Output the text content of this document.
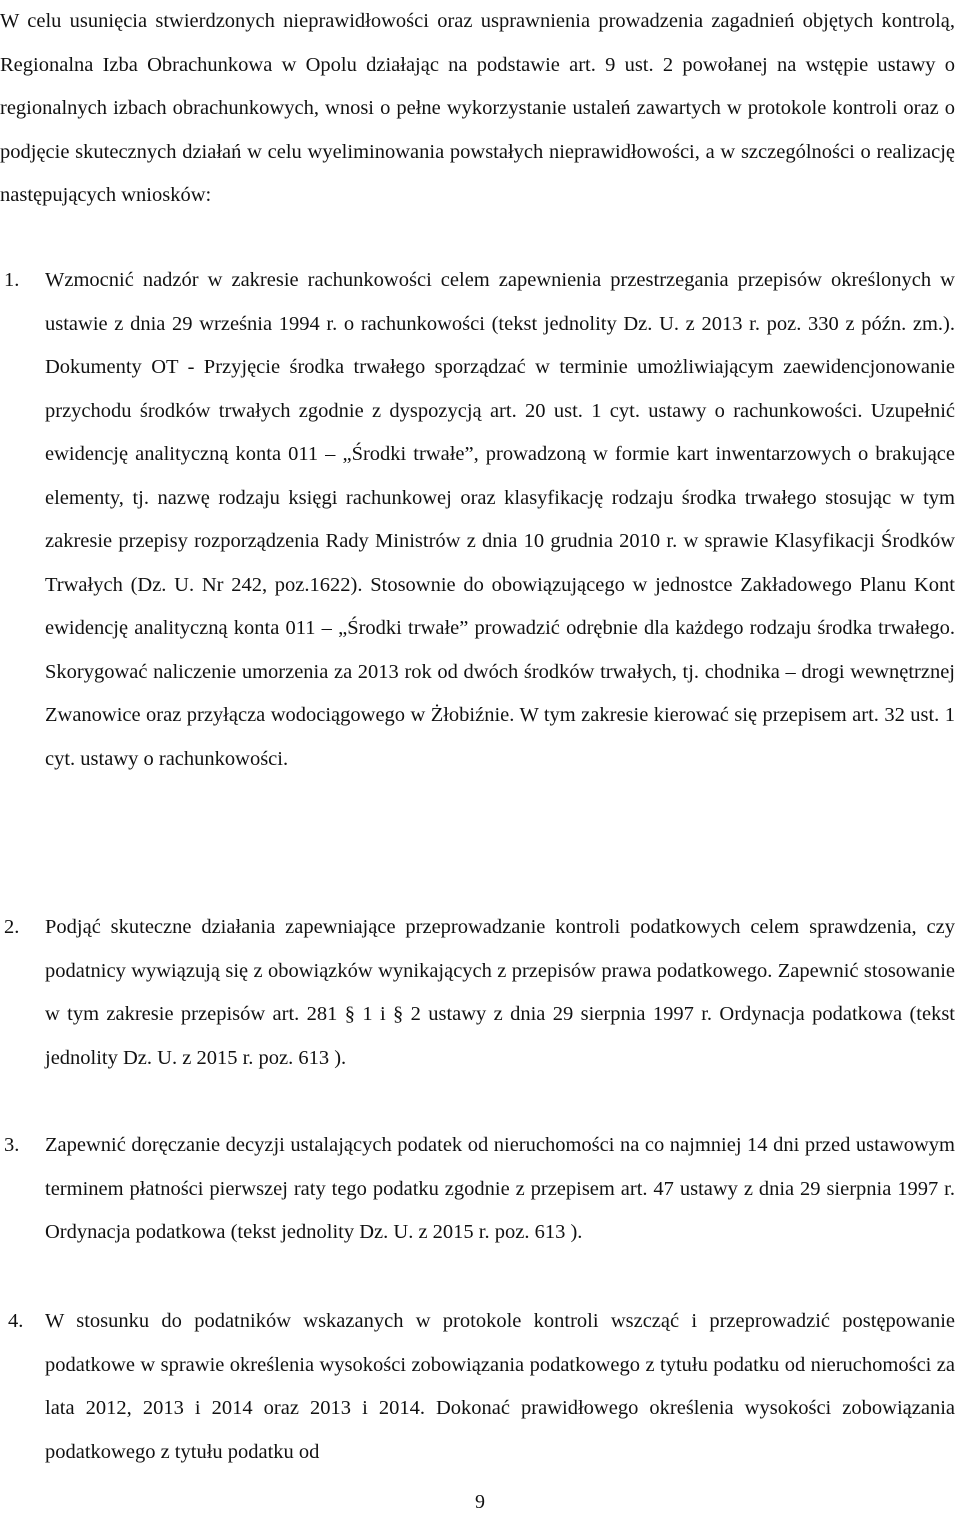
W celu usunięcia stwierdzonych nieprawidłowości oraz usprawnienia prowadzenia zagadnień objętych kontrolą, Regionalna Izba Obrachunkowa w Opolu działając na podstawie art. 9 ust. 2 powołanej na wstępie ustawy o regionalnych izbach obrachunkowych, wnosi o pełne wykorzystanie ustaleń zawartych w protokole kontroli oraz o podjęcie skutecznych działań w celu wyeliminowania powstałych nieprawidłowości, a w szczególności o realizację następujących wniosków:

1. Wzmocnić nadzór w zakresie rachunkowości celem zapewnienia przestrzegania przepisów określonych w ustawie z dnia 29 września 1994 r. o rachunkowości (tekst jednolity Dz. U. z 2013 r. poz. 330 z późn. zm.). Dokumenty OT - Przyjęcie środka trwałego sporządzać w terminie umożliwiającym zaewidencjonowanie przychodu środków trwałych zgodnie z dyspozycją art. 20 ust. 1 cyt. ustawy o rachunkowości. Uzupełnić ewidencję analityczną konta 011 – „Środki trwałe”, prowadzoną w formie kart inwentarzowych o brakujące elementy, tj. nazwę rodzaju księgi rachunkowej oraz klasyfikację rodzaju środka trwałego stosując w tym zakresie przepisy rozporządzenia Rady Ministrów z dnia 10 grudnia 2010 r. w sprawie Klasyfikacji Środków Trwałych (Dz. U. Nr 242, poz.1622). Stosownie do obowiązującego w jednostce Zakładowego Planu Kont ewidencję analityczną konta 011 – „Środki trwałe” prowadzić odrębnie dla każdego rodzaju środka trwałego. Skorygować naliczenie umorzenia za 2013 rok od dwóch środków trwałych, tj. chodnika – drogi wewnętrznej Zwanowice oraz przyłącza wodociągowego w Żłobiźnie. W tym zakresie kierować się przepisem art. 32 ust. 1 cyt. ustawy o rachunkowości.

2. Podjąć skuteczne działania zapewniające przeprowadzanie kontroli podatkowych celem sprawdzenia, czy podatnicy wywiązują się z obowiązków wynikających z przepisów prawa podatkowego. Zapewnić stosowanie w tym zakresie przepisów art. 281 § 1 i § 2 ustawy z dnia 29 sierpnia 1997 r. Ordynacja podatkowa (tekst jednolity Dz. U. z 2015 r. poz. 613 ).

3. Zapewnić doręczanie decyzji ustalających podatek od nieruchomości na co najmniej 14 dni przed ustawowym terminem płatności pierwszej raty tego podatku zgodnie z przepisem art. 47 ustawy z dnia 29 sierpnia 1997 r. Ordynacja podatkowa (tekst jednolity Dz. U. z 2015 r. poz. 613 ).

4. W stosunku do podatników wskazanych w protokole kontroli wszcząć i przeprowadzić postępowanie podatkowe w sprawie określenia wysokości zobowiązania podatkowego z tytułu podatku od nieruchomości za lata 2012, 2013 i 2014 oraz 2013 i 2014. Dokonać prawidłowego określenia wysokości zobowiązania podatkowego z tytułu podatku od

9
